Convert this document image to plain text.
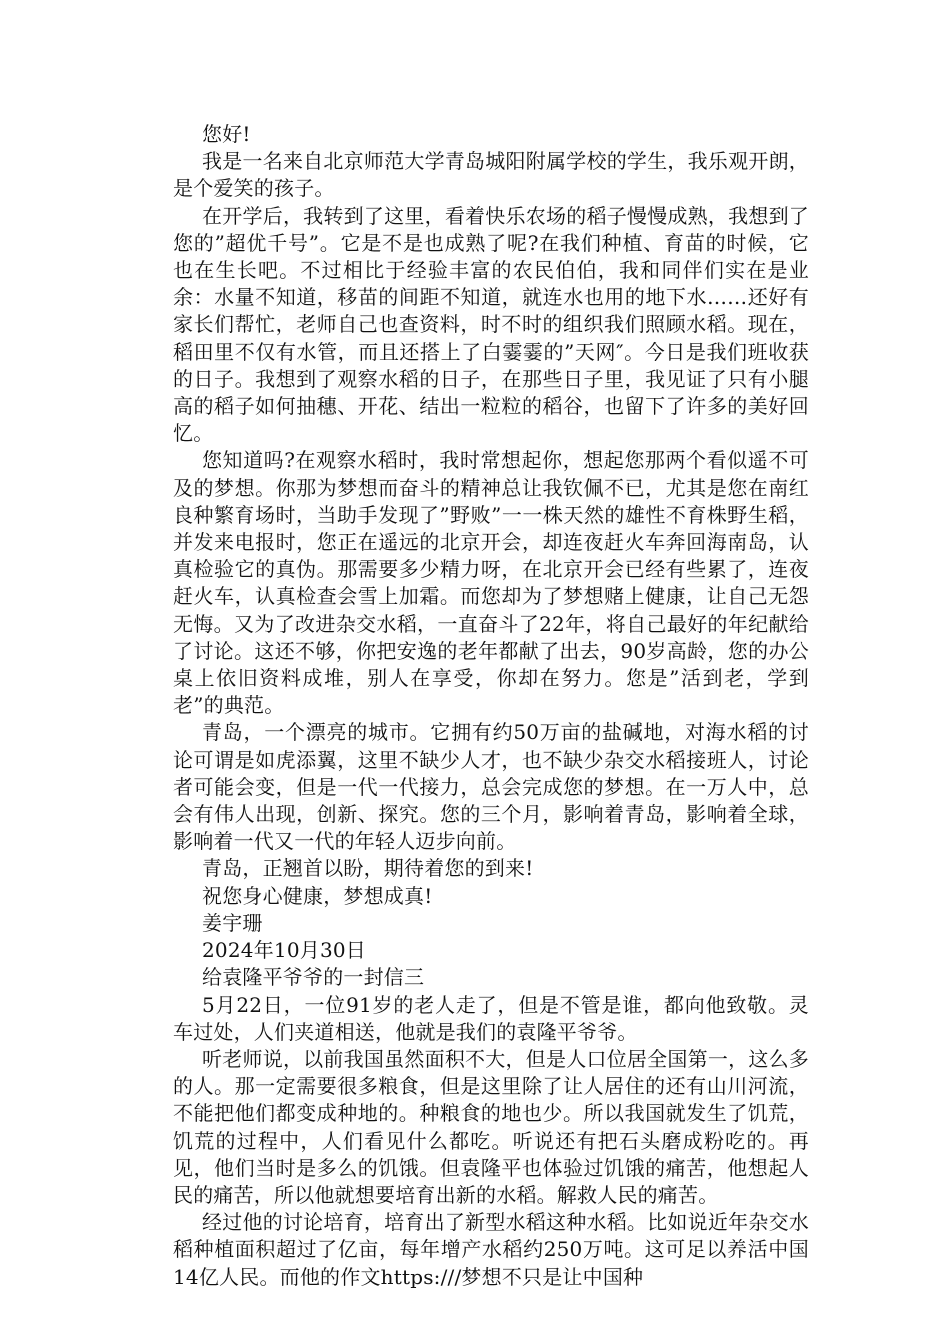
您好!

我是一名来自北京师范大学青岛城阳附属学校的学生，我乐观开朗，是个爱笑的孩子。

在开学后，我转到了这里，看着快乐农场的稻子慢慢成熟，我想到了您的”超优千号”。它是不是也成熟了呢?在我们种植、育苗的时候，它也在生长吧。不过相比于经验丰富的农民伯伯，我和同伴们实在是业余：水量不知道，移苗的间距不知道，就连水也用的地下水……还好有家长们帮忙，老师自己也查资料，时不时的组织我们照顾水稻。现在，稻田里不仅有水管，而且还搭上了白霎霎的”天网″。今日是我们班收获的日子。我想到了观察水稻的日子，在那些日子里，我见证了只有小腿高的稻子如何抽穗、开花、结出一粒粒的稻谷，也留下了许多的美好回忆。

您知道吗?在观察水稻时，我时常想起你，想起您那两个看似遥不可及的梦想。你那为梦想而奋斗的精神总让我钦佩不已，尤其是您在南红良种繁育场时，当助手发现了”野败”一一株天然的雄性不育株野生稻，并发来电报时，您正在遥远的北京开会，却连夜赶火车奔回海南岛，认真检验它的真伪。那需要多少精力呀，在北京开会已经有些累了，连夜赶火车，认真检查会雪上加霜。而您却为了梦想赌上健康，让自己无怨无悔。又为了改进杂交水稻，一直奋斗了22年，将自己最好的年纪献给了讨论。这还不够，你把安逸的老年都献了出去，90岁高龄，您的办公桌上依旧资料成堆，别人在享受，你却在努力。您是”活到老，学到老”的典范。

青岛，一个漂亮的城市。它拥有约50万亩的盐碱地，对海水稻的讨论可谓是如虎添翼，这里不缺少人才，也不缺少杂交水稻接班人，讨论者可能会变，但是一代一代接力，总会完成您的梦想。在一万人中，总会有伟人出现，创新、探究。您的三个月，影响着青岛，影响着全球，影响着一代又一代的年轻人迈步向前。

青岛，正翘首以盼，期待着您的到来!

祝您身心健康，梦想成真!

姜宇珊

2024年10月30日

给袁隆平爷爷的一封信三

5月22日，一位91岁的老人走了，但是不管是谁，都向他致敬。灵车过处，人们夹道相送，他就是我们的袁隆平爷爷。

听老师说，以前我国虽然面积不大，但是人口位居全国第一，这么多的人。那一定需要很多粮食，但是这里除了让人居住的还有山川河流，不能把他们都变成种地的。种粮食的地也少。所以我国就发生了饥荒，饥荒的过程中，人们看见什么都吃。听说还有把石头磨成粉吃的。再见，他们当时是多么的饥饿。但袁隆平也体验过饥饿的痛苦，他想起人民的痛苦，所以他就想要培育出新的水稻。解救人民的痛苦。

经过他的讨论培育，培育出了新型水稻这种水稻。比如说近年杂交水稻种植面积超过了亿亩，每年增产水稻约250万吨。这可足以养活中国14亿人民。而他的作文https:///梦想不只是让中国种
